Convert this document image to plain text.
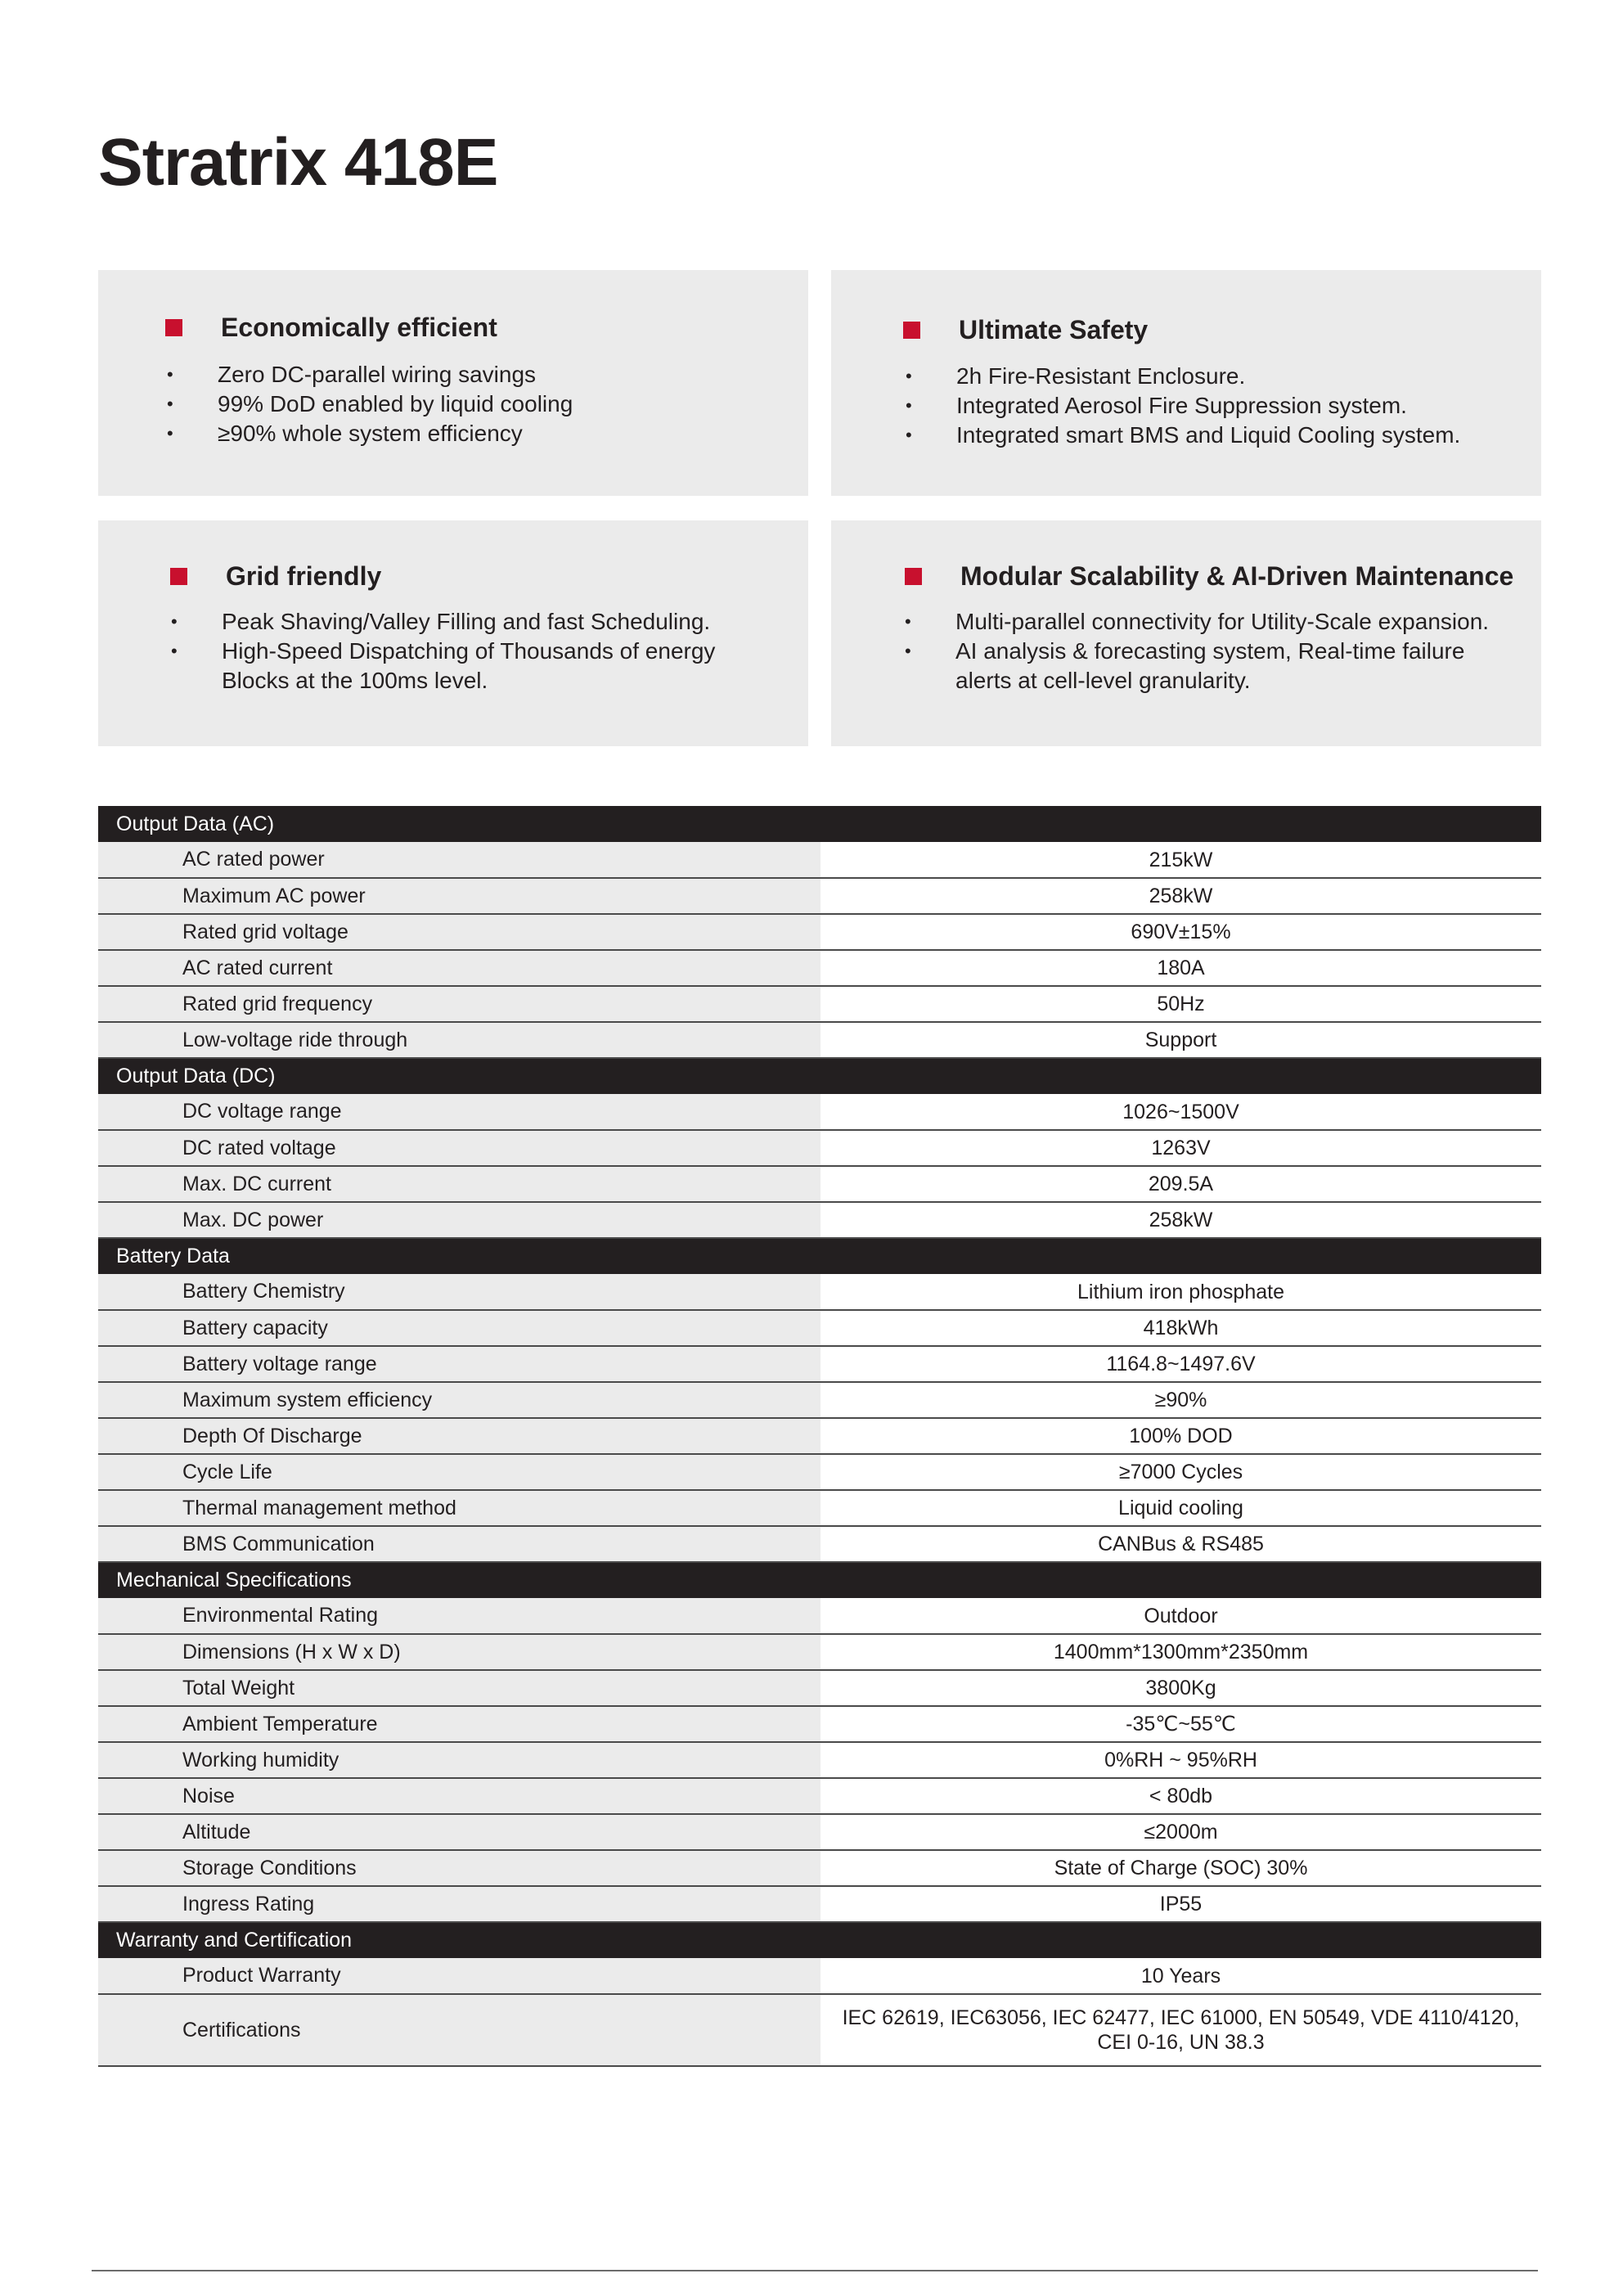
Stratrix 418E
Economically efficient
• Zero DC-parallel wiring savings
• 99% DoD enabled by liquid cooling
• ≥90% whole system efficiency
Ultimate Safety
• 2h Fire-Resistant Enclosure.
• Integrated Aerosol Fire Suppression system.
• Integrated smart BMS and Liquid Cooling system.
Grid friendly
• Peak Shaving/Valley Filling and fast Scheduling.
• High-Speed Dispatching of Thousands of energy Blocks at the 100ms level.
Modular Scalability & AI-Driven Maintenance
• Multi-parallel connectivity for Utility-Scale expansion.
• AI analysis & forecasting system, Real-time failure alerts at cell-level granularity.
Output Data (AC)	
AC rated power	215kW
Maximum AC power	258kW
Rated grid voltage	690V±15%
AC rated current	180A
Rated grid frequency	50Hz
Low-voltage ride through	Support
Output Data (DC)	
DC voltage range	1026~1500V
DC rated voltage	1263V
Max. DC current	209.5A
Max. DC power	258kW
Battery Data	
Battery Chemistry	Lithium iron phosphate
Battery capacity	418kWh
Battery voltage range	1164.8~1497.6V
Maximum system efficiency	≥90%
Depth Of Discharge	100% DOD
Cycle Life	≥7000 Cycles
Thermal management method	Liquid cooling
BMS Communication	CANBus & RS485
Mechanical Specifications	
Environmental Rating	Outdoor
Dimensions (H x W x D)	1400mm*1300mm*2350mm
Total Weight	3800Kg
Ambient Temperature	-35℃~55℃
Working humidity	0%RH ~ 95%RH
Noise	< 80db
Altitude	≤2000m
Storage Conditions	State of Charge (SOC) 30%
Ingress Rating	IP55
Warranty and Certification	
Product Warranty	10 Years
Certifications	IEC 62619, IEC63056, IEC 62477, IEC 61000, EN 50549, VDE 4110/4120, CEI 0-16, UN 38.3
